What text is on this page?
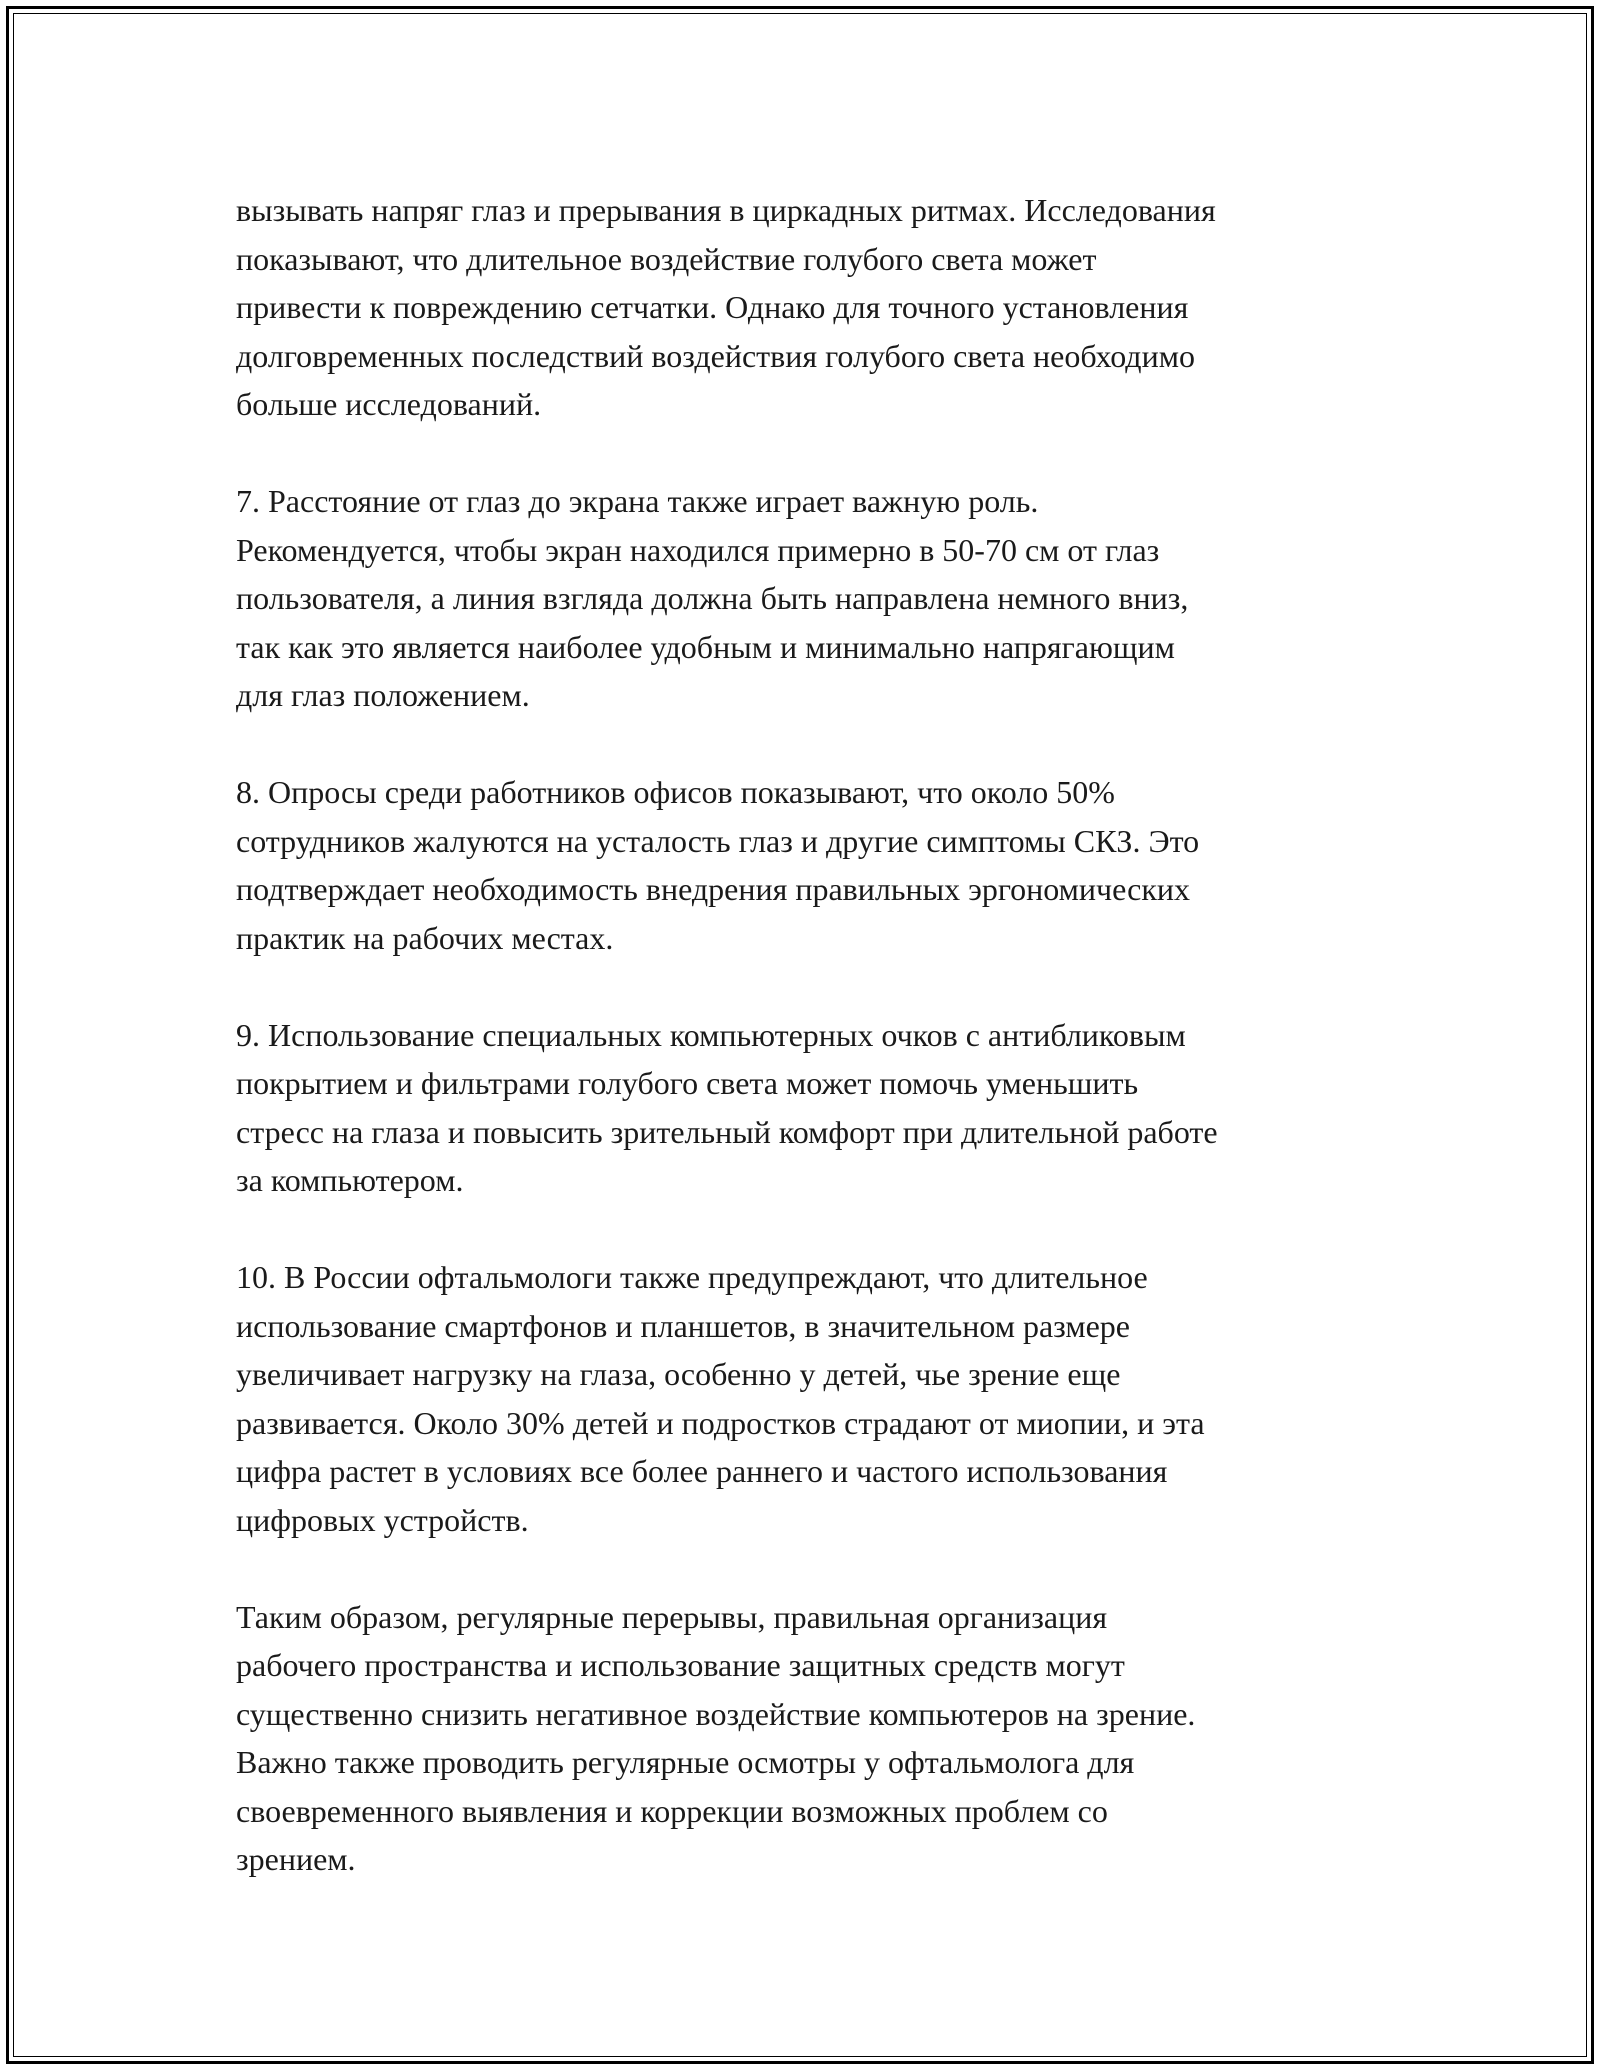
вызывать напряг глаз и прерывания в циркадных ритмах. Исследования
показывают, что длительное воздействие голубого света может
привести к повреждению сетчатки. Однако для точного установления
долговременных последствий воздействия голубого света необходимо
больше исследований.

7. Расстояние от глаз до экрана также играет важную роль.
Рекомендуется, чтобы экран находился примерно в 50-70 см от глаз
пользователя, а линия взгляда должна быть направлена немного вниз,
так как это является наиболее удобным и минимально напрягающим
для глаз положением.

8. Опросы среди работников офисов показывают, что около 50%
сотрудников жалуются на усталость глаз и другие симптомы СКЗ. Это
подтверждает необходимость внедрения правильных эргономических
практик на рабочих местах.

9. Использование специальных компьютерных очков с антибликовым
покрытием и фильтрами голубого света может помочь уменьшить
стресс на глаза и повысить зрительный комфорт при длительной работе
за компьютером.

10. В России офтальмологи также предупреждают, что длительное
использование смартфонов и планшетов, в значительном размере
увеличивает нагрузку на глаза, особенно у детей, чье зрение еще
развивается. Около 30% детей и подростков страдают от миопии, и эта
цифра растет в условиях все более раннего и частого использования
цифровых устройств.

Таким образом, регулярные перерывы, правильная организация
рабочего пространства и использование защитных средств могут
существенно снизить негативное воздействие компьютеров на зрение.
Важно также проводить регулярные осмотры у офтальмолога для
своевременного выявления и коррекции возможных проблем со
зрением.
